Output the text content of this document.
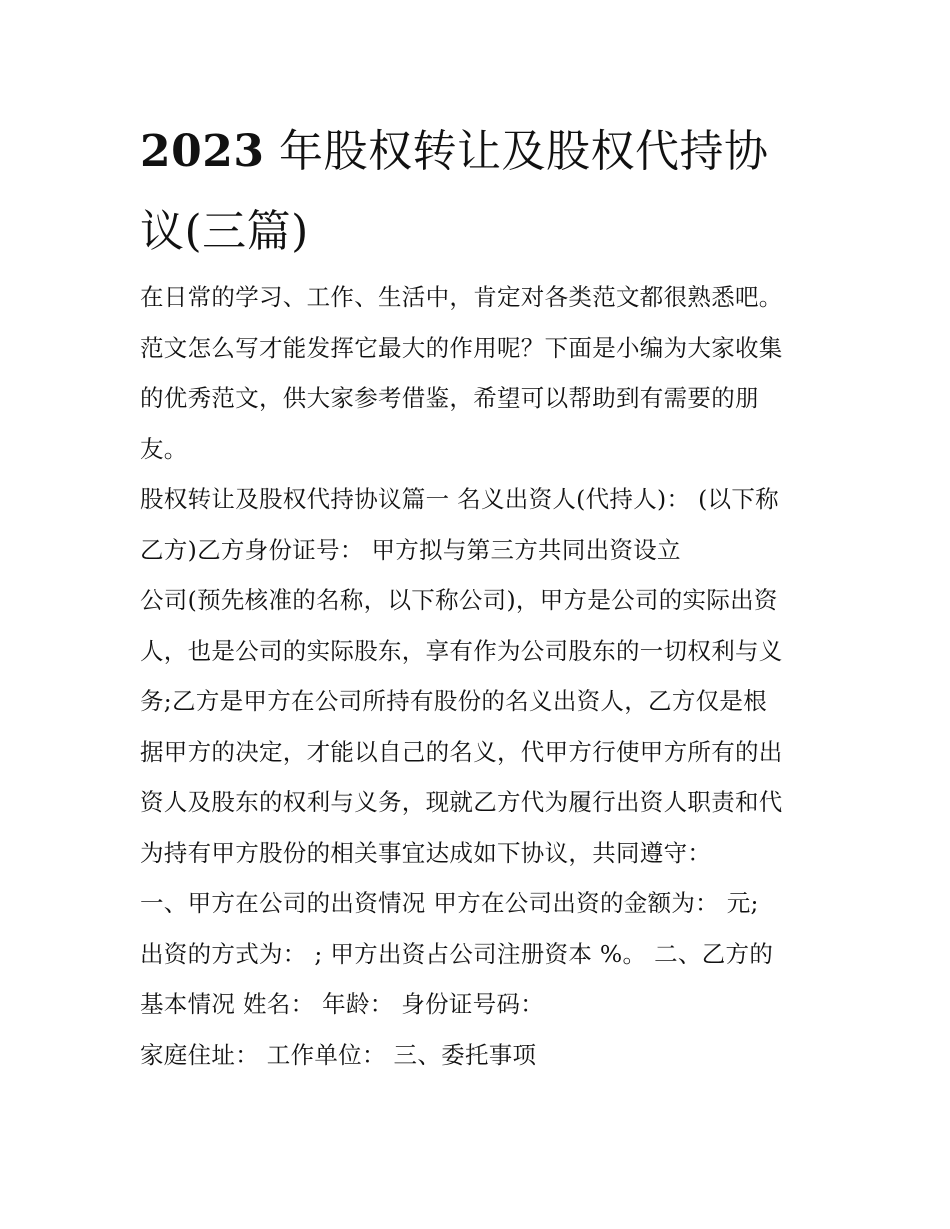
2023 年股权转让及股权代持协
议(三篇)

在日常的学习、工作、生活中，肯定对各类范文都很熟悉吧。
范文怎么写才能发挥它最大的作用呢？下面是小编为大家收集
的优秀范文，供大家参考借鉴，希望可以帮助到有需要的朋
友。

股权转让及股权代持协议篇一 名义出资人(代持人)： (以下称
乙方)乙方身份证号： 甲方拟与第三方共同出资设立
公司(预先核准的名称，以下称公司)，甲方是公司的实际出资
人，也是公司的实际股东，享有作为公司股东的一切权利与义
务;乙方是甲方在公司所持有股份的名义出资人，乙方仅是根
据甲方的决定，才能以自己的名义，代甲方行使甲方所有的出
资人及股东的权利与义务，现就乙方代为履行出资人职责和代
为持有甲方股份的相关事宜达成如下协议，共同遵守：

一、甲方在公司的出资情况 甲方在公司出资的金额为： 元;
出资的方式为： ; 甲方出资占公司注册资本 %。 二、乙方的
基本情况 姓名： 年龄： 身份证号码：

家庭住址： 工作单位： 三、委托事项
